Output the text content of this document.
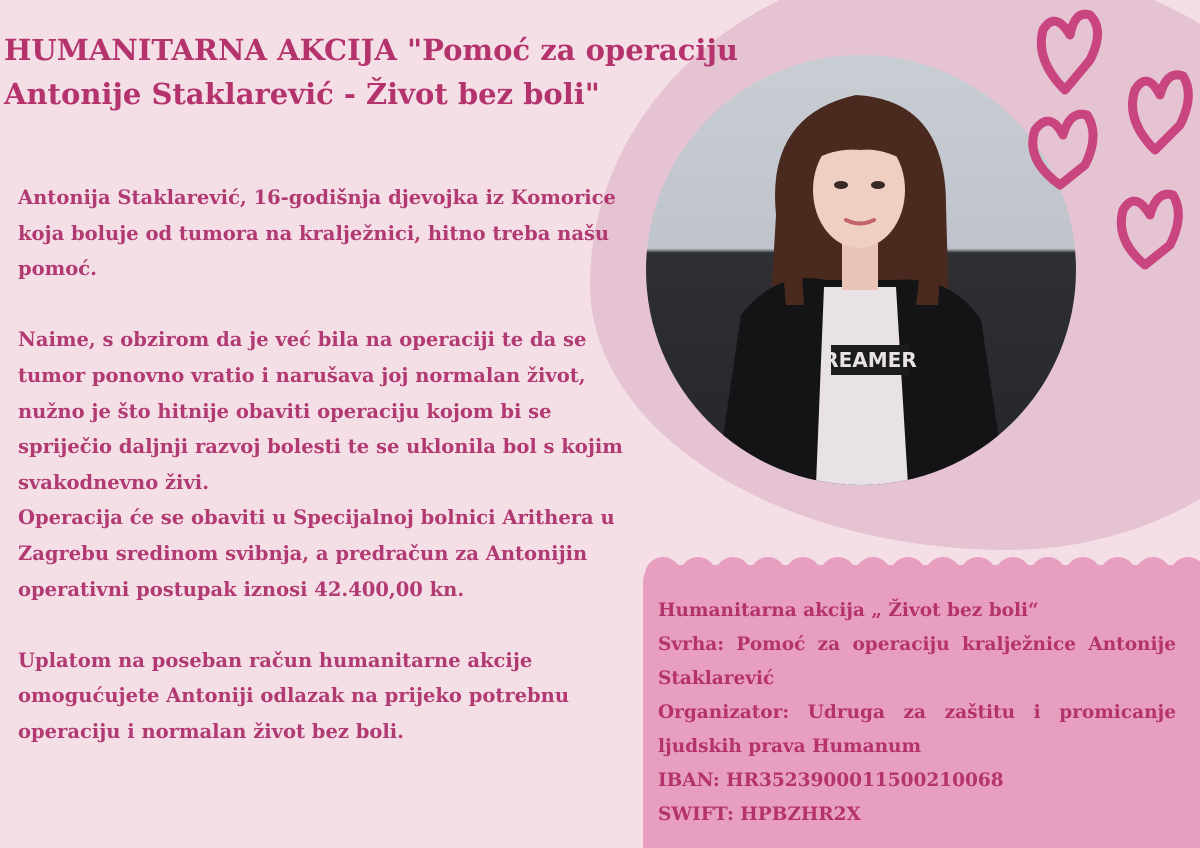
HUMANITARNA AKCIJA "Pomoć za operaciju Antonije Staklarević - Život bez boli"

Antonija Staklarević, 16-godišnja djevojka iz Komorice koja boluje od tumora na kralježnici, hitno treba našu pomoć.

Naime, s obzirom da je već bila na operaciji te da se tumor ponovno vratio i narušava joj normalan život, nužno je što hitnije obaviti operaciju kojom bi se spriječio daljnji razvoj bolesti te se uklonila bol s kojim svakodnevno živi.

Operacija će se obaviti u Specijalnoj bolnici Arithera u Zagrebu sredinom svibnja, a predračun za Antonijin operativni postupak iznosi 42.400,00 kn.

Uplatom na poseban račun humanitarne akcije omogućujete Antoniji odlazak na prijeko potrebnu operaciju i normalan život bez boli.

REAMER

Humanitarna akcija „ Život bez boli“

Svrha: Pomoć za operaciju kralježnice Antonije Staklarević

Organizator: Udruga za zaštitu i promicanje ljudskih prava Humanum

IBAN: HR3523900011500210068

SWIFT: HPBZHR2X
